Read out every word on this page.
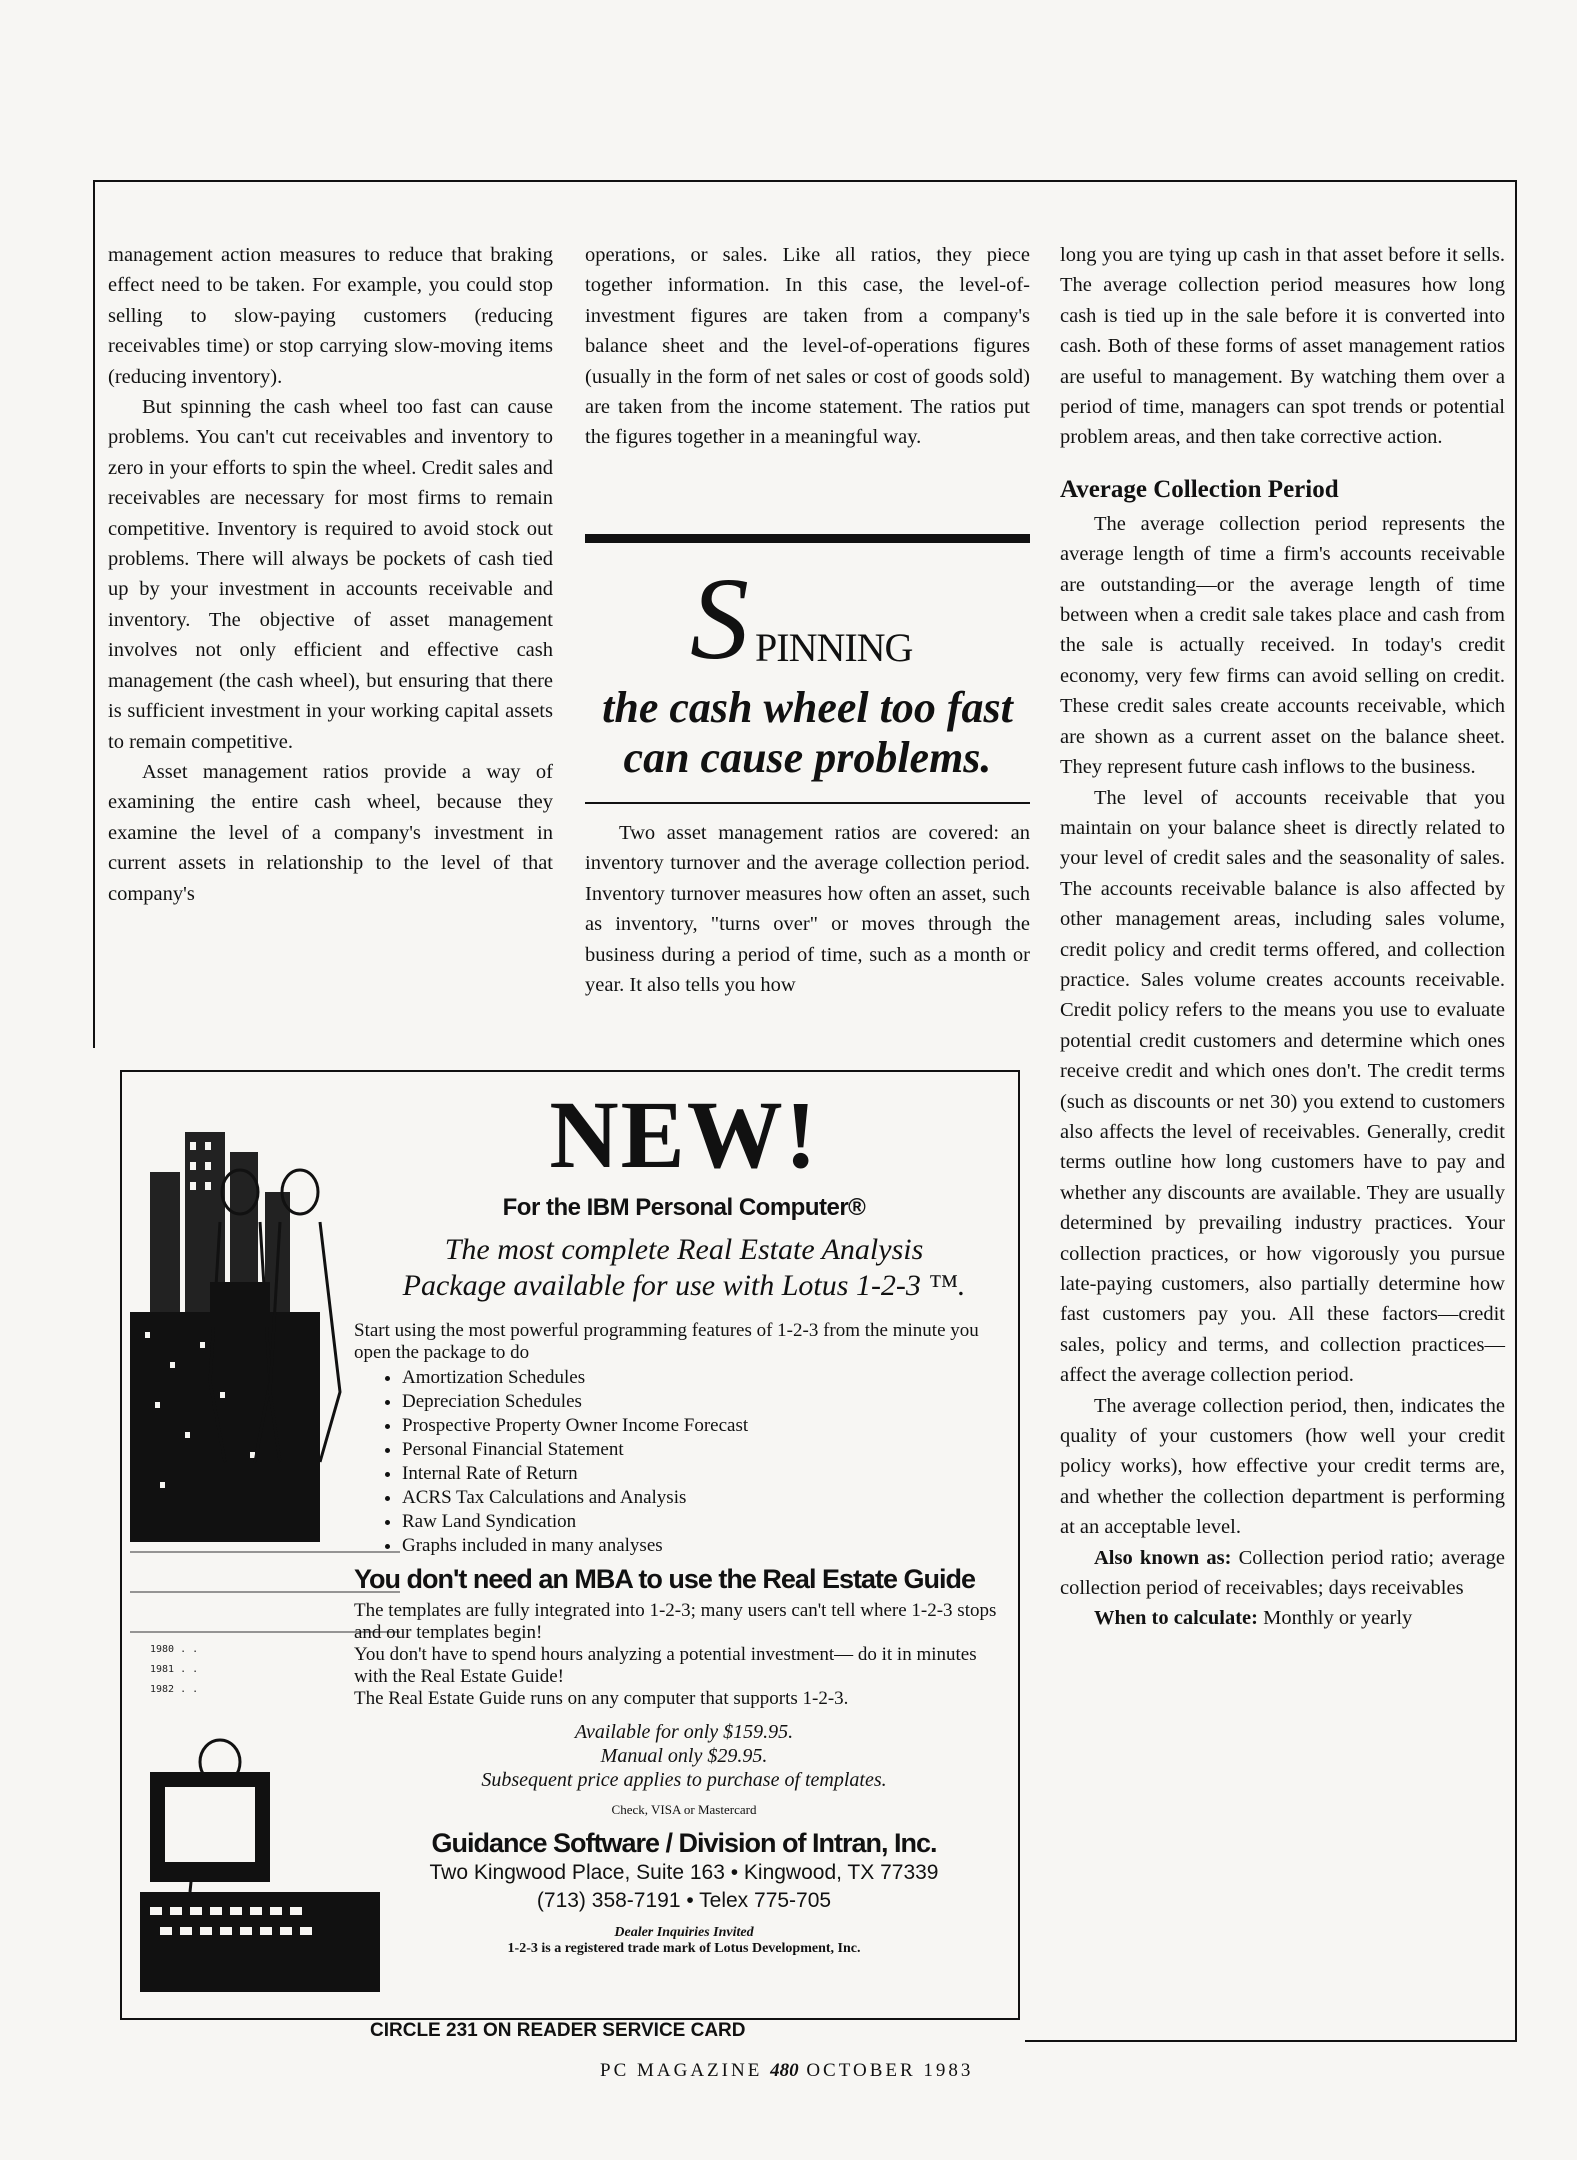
management action measures to reduce that braking effect need to be taken. For example, you could stop selling to slow-paying customers (reducing receivables time) or stop carrying slow-moving items (reducing inventory).

But spinning the cash wheel too fast can cause problems. You can't cut receivables and inventory to zero in your efforts to spin the wheel. Credit sales and receivables are necessary for most firms to remain competitive. Inventory is required to avoid stock out problems. There will always be pockets of cash tied up by your investment in accounts receivable and inventory. The objective of asset management involves not only efficient and effective cash management (the cash wheel), but ensuring that there is sufficient investment in your working capital assets to remain competitive.

Asset management ratios provide a way of examining the entire cash wheel, because they examine the level of a company's investment in current assets in relationship to the level of that company's

operations, or sales. Like all ratios, they piece together information. In this case, the level-of-investment figures are taken from a company's balance sheet and the level-of-operations figures (usually in the form of net sales or cost of goods sold) are taken from the income statement. The ratios put the figures together in a meaningful way.

S PINNING
the cash wheel too fast
can cause problems.

Two asset management ratios are covered: an inventory turnover and the average collection period. Inventory turnover measures how often an asset, such as inventory, "turns over" or moves through the business during a period of time, such as a month or year. It also tells you how

long you are tying up cash in that asset before it sells. The average collection period measures how long cash is tied up in the sale before it is converted into cash. Both of these forms of asset management ratios are useful to management. By watching them over a period of time, managers can spot trends or potential problem areas, and then take corrective action.

Average Collection Period

The average collection period represents the average length of time a firm's accounts receivable are outstanding—or the average length of time between when a credit sale takes place and cash from the sale is actually received. In today's credit economy, very few firms can avoid selling on credit. These credit sales create accounts receivable, which are shown as a current asset on the balance sheet. They represent future cash inflows to the business.

The level of accounts receivable that you maintain on your balance sheet is directly related to your level of credit sales and the seasonality of sales. The accounts receivable balance is also affected by other management areas, including sales volume, credit policy and credit terms offered, and collection practice. Sales volume creates accounts receivable. Credit policy refers to the means you use to evaluate potential credit customers and determine which ones receive credit and which ones don't. The credit terms (such as discounts or net 30) you extend to customers also affects the level of receivables. Generally, credit terms outline how long customers have to pay and whether any discounts are available. They are usually determined by prevailing industry practices. Your collection practices, or how vigorously you pursue late-paying customers, also partially determine how fast customers pay you. All these factors—credit sales, policy and terms, and collection practices—affect the average collection period.

The average collection period, then, indicates the quality of your customers (how well your credit policy works), how effective your credit terms are, and whether the collection department is performing at an acceptable level.

Also known as: Collection period ratio; average collection period of receivables; days receivables

When to calculate: Monthly or yearly

1980 . .
1981 . .
1982 . .
NEW!
For the IBM Personal Computer®
The most complete Real Estate Analysis
Package available for use with Lotus 1-2-3 ™.
Start using the most powerful programming features of 1-2-3 from the minute you open the package to do
• Amortization Schedules
• Depreciation Schedules
• Prospective Property Owner Income Forecast
• Personal Financial Statement
• Internal Rate of Return
• ACRS Tax Calculations and Analysis
• Raw Land Syndication
• Graphs included in many analyses
You don't need an MBA to use the Real Estate Guide
The templates are fully integrated into 1-2-3; many users can't tell where 1-2-3 stops and our templates begin!
You don't have to spend hours analyzing a potential investment— do it in minutes with the Real Estate Guide!
The Real Estate Guide runs on any computer that supports 1-2-3.
Available for only $159.95.
Manual only $29.95.
Subsequent price applies to purchase of templates.
Check, VISA or Mastercard
Guidance Software / Division of Intran, Inc.
Two Kingwood Place, Suite 163 • Kingwood, TX 77339
(713) 358-7191 • Telex 775-705
Dealer Inquiries Invited
1-2-3 is a registered trade mark of Lotus Development, Inc.
CIRCLE 231 ON READER SERVICE CARD
PC MAGAZINE 480 OCTOBER 1983
